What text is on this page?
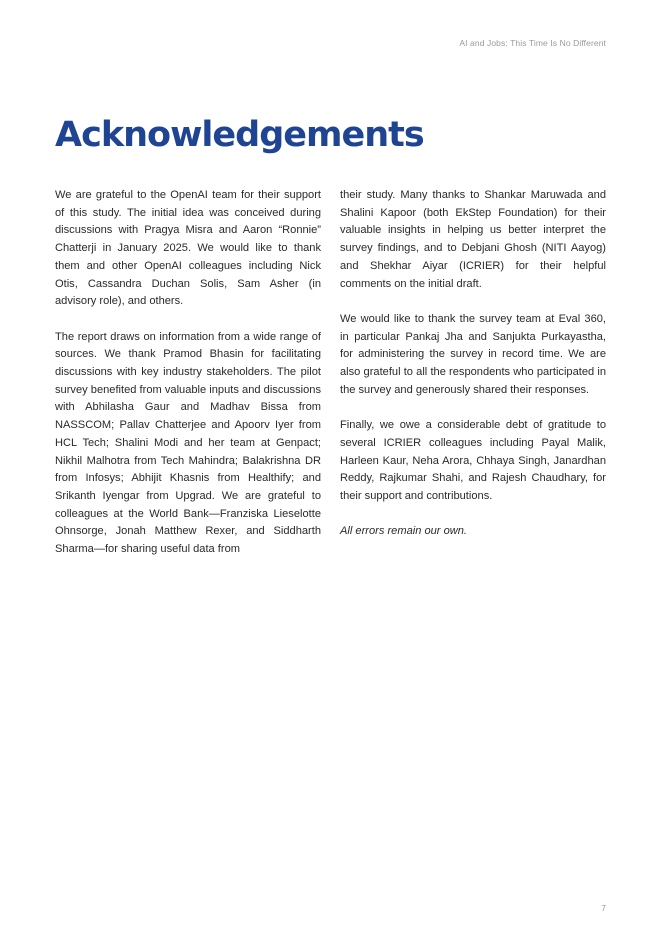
AI and Jobs: This Time Is No Different
Acknowledgements

We are grateful to the OpenAI team for their support of this study. The initial idea was conceived during discussions with Pragya Misra and Aaron “Ronnie” Chatterji in January 2025. We would like to thank them and other OpenAI colleagues including Nick Otis, Cassandra Duchan Solis, Sam Asher (in advisory role), and others.

The report draws on information from a wide range of sources. We thank Pramod Bhasin for facilitating discussions with key industry stakeholders. The pilot survey benefited from valuable inputs and discussions with Abhilasha Gaur and Madhav Bissa from NASSCOM; Pallav Chatterjee and Apoorv Iyer from HCL Tech; Shalini Modi and her team at Genpact; Nikhil Malhotra from Tech Mahindra; Balakrishna DR from Infosys; Abhijit Khasnis from Healthify; and Srikanth Iyengar from Upgrad. We are grateful to colleagues at the World Bank—Franziska Lieselotte Ohnsorge, Jonah Matthew Rexer, and Siddharth Sharma—for sharing useful data from

their study. Many thanks to Shankar Maruwada and Shalini Kapoor (both EkStep Foundation) for their valuable insights in helping us better interpret the survey findings, and to Debjani Ghosh (NITI Aayog) and Shekhar Aiyar (ICRIER) for their helpful comments on the initial draft.

We would like to thank the survey team at Eval 360, in particular Pankaj Jha and Sanjukta Purkayastha, for administering the survey in record time. We are also grateful to all the respondents who participated in the survey and generously shared their responses.

Finally, we owe a considerable debt of gratitude to several ICRIER colleagues including Payal Malik, Harleen Kaur, Neha Arora, Chhaya Singh, Janardhan Reddy, Rajkumar Shahi, and Rajesh Chaudhary, for their support and contributions.

All errors remain our own.

7
